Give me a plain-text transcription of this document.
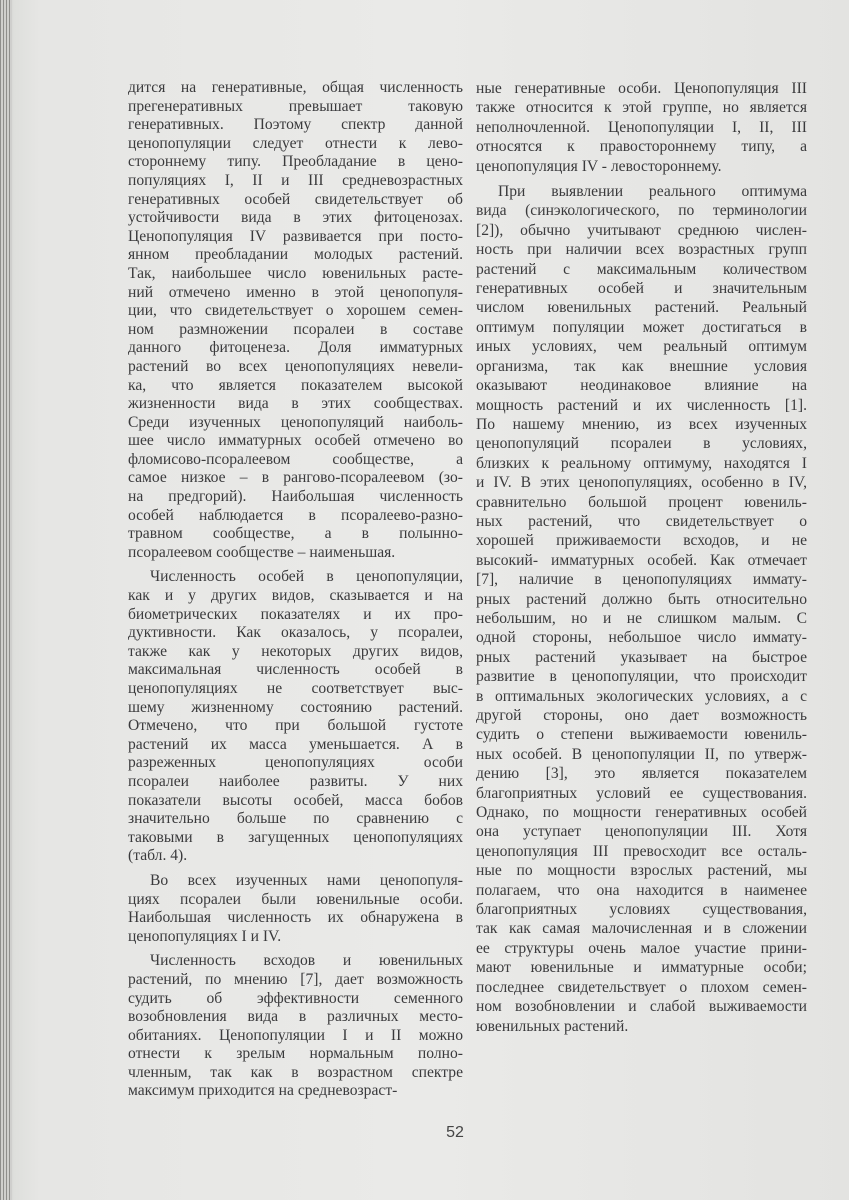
дится на генеративные, общая численность
прегенеративных превышает таковую
генеративных. Поэтому спектр данной
ценопопуляции следует отнести к лево-
стороннему типу. Преобладание в цено-
популяциях I, II и III средневозрастных
генеративных особей свидетельствует об
устойчивости вида в этих фитоценозах.
Ценопопуляция IV развивается при посто-
янном преобладании молодых растений.
Так, наибольшее число ювенильных расте-
ний отмечено именно в этой ценопопуля-
ции, что свидетельствует о хорошем семен-
ном размножении псоралеи в составе
данного фитоценеза. Доля имматурных
растений во всех ценопопуляциях невели-
ка, что является показателем высокой
жизненности вида в этих сообществах.
Среди изученных ценопопуляций наиболь-
шее число имматурных особей отмечено во
фломисово-псоралеевом сообществе, а
самое низкое – в рангово-псоралеевом (зо-
на предгорий). Наибольшая численность
особей наблюдается в псоралеево-разно-
травном сообществе, а в полынно-
псоралеевом сообществе – наименьшая.
Численность особей в ценопопуляции,
как и у других видов, сказывается и на
биометрических показателях и их про-
дуктивности. Как оказалось, у псоралеи,
также как у некоторых других видов,
максимальная численность особей в
ценопопуляциях не соответствует выс-
шему жизненному состоянию растений.
Отмечено, что при большой густоте
растений их масса уменьшается. А в
разреженных ценопопуляциях особи
псоралеи наиболее развиты. У них
показатели высоты особей, масса бобов
значительно больше по сравнению с
таковыми в загущенных ценопопуляциях
(табл. 4).
Во всех изученных нами ценопопуля-
циях псоралеи были ювенильные особи.
Наибольшая численность их обнаружена в
ценопопуляциях I и IV.
Численность всходов и ювенильных
растений, по мнению [7], дает возможность
судить об эффективности семенного
возобновления вида в различных место-
обитаниях. Ценопопуляции I и II можно
отнести к зрелым нормальным полно-
членным, так как в возрастном спектре
максимум приходится на средневозраст-
ные генеративные особи. Ценопопуляция III
также относится к этой группе, но является
неполночленной. Ценопопуляции I, II, III
относятся к правостороннему типу, а
ценопопуляция IV - левостороннему.
При выявлении реального оптимума
вида (синэкологического, по терминологии
[2]), обычно учитывают среднюю числен-
ность при наличии всех возрастных групп
растений с максимальным количеством
генеративных особей и значительным
числом ювенильных растений. Реальный
оптимум популяции может достигаться в
иных условиях, чем реальный оптимум
организма, так как внешние условия
оказывают неодинаковое влияние на
мощность растений и их численность [1].
По нашему мнению, из всех изученных
ценопопуляций псоралеи в условиях,
близких к реальному оптимуму, находятся I
и IV. В этих ценопопуляциях, особенно в IV,
сравнительно большой процент ювениль-
ных растений, что свидетельствует о
хорошей приживаемости всходов, и не
высокий- имматурных особей. Как отмечает
[7], наличие в ценопопуляциях иммату-
рных растений должно быть относительно
небольшим, но и не слишком малым. С
одной стороны, небольшое число иммату-
рных растений указывает на быстрое
развитие в ценопопуляции, что происходит
в оптимальных экологических условиях, а с
другой стороны, оно дает возможность
судить о степени выживаемости ювениль-
ных особей. В ценопопуляции II, по утверж-
дению [3], это является показателем
благоприятных условий ее существования.
Однако, по мощности генеративных особей
она уступает ценопопуляции III. Хотя
ценопопуляция III превосходит все осталь-
ные по мощности взрослых растений, мы
полагаем, что она находится в наименее
благоприятных условиях существования,
так как самая малочисленная и в сложении
ее структуры очень малое участие прини-
мают ювенильные и имматурные особи;
последнее свидетельствует о плохом семен-
ном возобновлении и слабой выживаемости
ювенильных растений.
52
